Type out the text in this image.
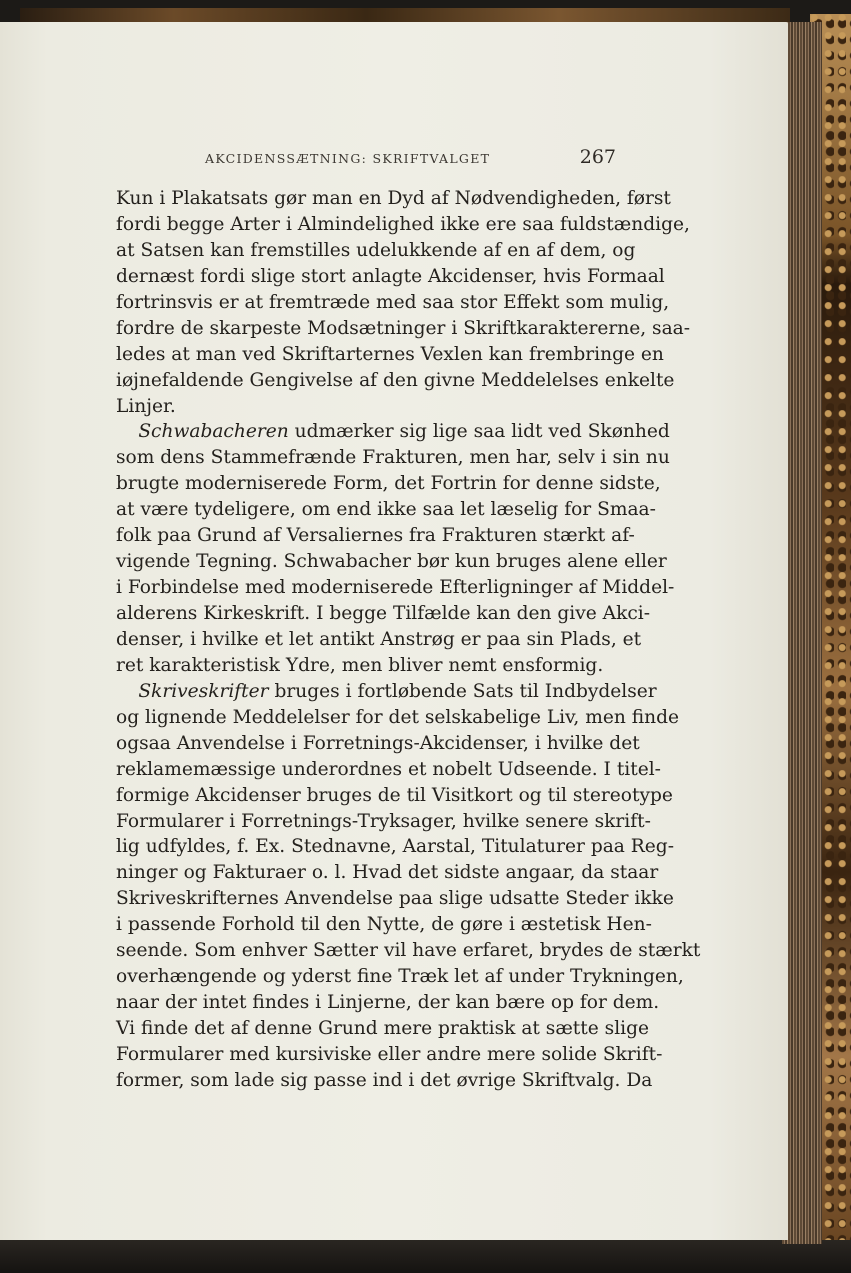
AKCIDENSSÆTNING: SKRIFTVALGET	267
Kun i Plakatsats gør man en Dyd af Nødvendigheden, først
fordi begge Arter i Almindelighed ikke ere saa fuldstændige,
at Satsen kan fremstilles udelukkende af en af dem, og
dernæst fordi slige stort anlagte Akcidenser, hvis Formaal
fortrinsvis er at fremtræde med saa stor Effekt som mulig,
fordre de skarpeste Modsætninger i Skriftkaraktererne, saa-
ledes at man ved Skriftarternes Vexlen kan frembringe en
iøjnefaldende Gengivelse af den givne Meddelelses enkelte
Linjer.
Schwabacheren udmærker sig lige saa lidt ved Skønhed
som dens Stammefrænde Frakturen, men har, selv i sin nu
brugte moderniserede Form, det Fortrin for denne sidste,
at være tydeligere, om end ikke saa let læselig for Smaa-
folk paa Grund af Versaliernes fra Frakturen stærkt af-
vigende Tegning. Schwabacher bør kun bruges alene eller
i Forbindelse med moderniserede Efterligninger af Middel-
alderens Kirkeskrift. I begge Tilfælde kan den give Akci-
denser, i hvilke et let antikt Anstrøg er paa sin Plads, et
ret karakteristisk Ydre, men bliver nemt ensformig.
Skriveskrifter bruges i fortløbende Sats til Indbydelser
og lignende Meddelelser for det selskabelige Liv, men finde
ogsaa Anvendelse i Forretnings-Akcidenser, i hvilke det
reklamemæssige underordnes et nobelt Udseende. I titel-
formige Akcidenser bruges de til Visitkort og til stereotype
Formularer i Forretnings-Tryksager, hvilke senere skrift-
lig udfyldes, f. Ex. Stednavne, Aarstal, Titulaturer paa Reg-
ninger og Fakturaer o. l. Hvad det sidste angaar, da staar
Skriveskrifternes Anvendelse paa slige udsatte Steder ikke
i passende Forhold til den Nytte, de gøre i æstetisk Hen-
seende. Som enhver Sætter vil have erfaret, brydes de stærkt
overhængende og yderst fine Træk let af under Trykningen,
naar der intet findes i Linjerne, der kan bære op for dem.
Vi finde det af denne Grund mere praktisk at sætte slige
Formularer med kursiviske eller andre mere solide Skrift-
former, som lade sig passe ind i det øvrige Skriftvalg. Da
